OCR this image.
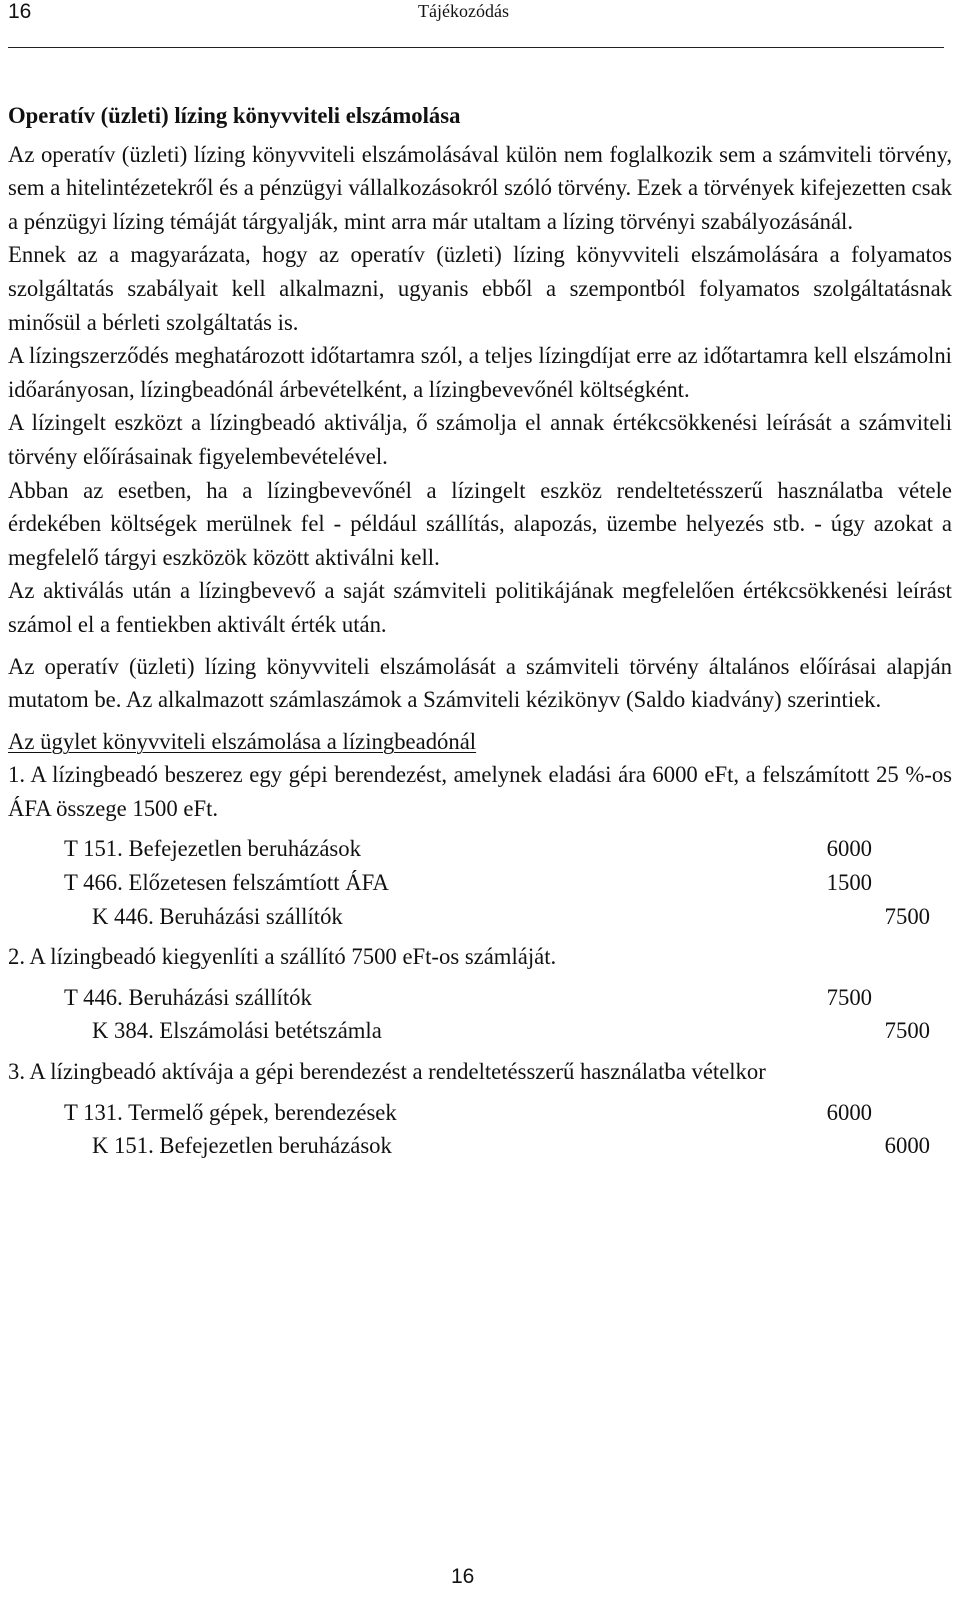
16	Tájékozódás
Operatív (üzleti) lízing könyvviteli elszámolása

Az operatív (üzleti) lízing könyvviteli elszámolásával külön nem foglalkozik sem a számviteli törvény, sem a hitelintézetekről és a pénzügyi vállalkozásokról szóló törvény. Ezek a törvények kifejezetten csak a pénzügyi lízing témáját tárgyalják, mint arra már utaltam a lízing törvényi szabályozásánál.

Ennek az a magyarázata, hogy az operatív (üzleti) lízing könyvviteli elszámolására a folyamatos szolgáltatás szabályait kell alkalmazni, ugyanis ebből a szempontból folyamatos szolgáltatásnak minősül a bérleti szolgáltatás is.

A lízingszerződés meghatározott időtartamra szól, a teljes lízingdíjat erre az időtartamra kell elszámolni időarányosan, lízingbeadónál árbevételként, a lízingbevevőnél költségként.

A lízingelt eszközt a lízingbeadó aktiválja, ő számolja el annak értékcsökkenési leírását a számviteli törvény előírásainak figyelembevételével.

Abban az esetben, ha a lízingbevevőnél a lízingelt eszköz rendeltetésszerű használatba vétele érdekében költségek merülnek fel - például szállítás, alapozás, üzembe helyezés stb. - úgy azokat a megfelelő tárgyi eszközök között aktiválni kell.

Az aktiválás után a lízingbevevő a saját számviteli politikájának megfelelően értékcsökkenési leírást számol el a fentiekben aktivált érték után.

Az operatív (üzleti) lízing könyvviteli elszámolását a számviteli törvény általános előírásai alapján mutatom be. Az alkalmazott számlaszámok a Számviteli kézikönyv (Saldo kiadvány) szerintiek.

Az ügylet könyvviteli elszámolása a lízingbeadónál

1. A lízingbeadó beszerez egy gépi berendezést, amelynek eladási ára 6000 eFt, a felszámított 25 %-os ÁFA összege 1500 eFt.

T 151. Befejezetlen beruházások	6000
T 466. Előzetesen felszámtíott ÁFA	1500
K 446. Beruházási szállítók	7500

2. A lízingbeadó kiegyenlíti a szállító 7500 eFt-os számláját.

T 446. Beruházási szállítók	7500
K 384. Elszámolási betétszámla	7500

3. A lízingbeadó aktívája a gépi berendezést a rendeltetésszerű használatba vételkor

T 131. Termelő gépek, berendezések	6000
K 151. Befejezetlen beruházások	6000
16
